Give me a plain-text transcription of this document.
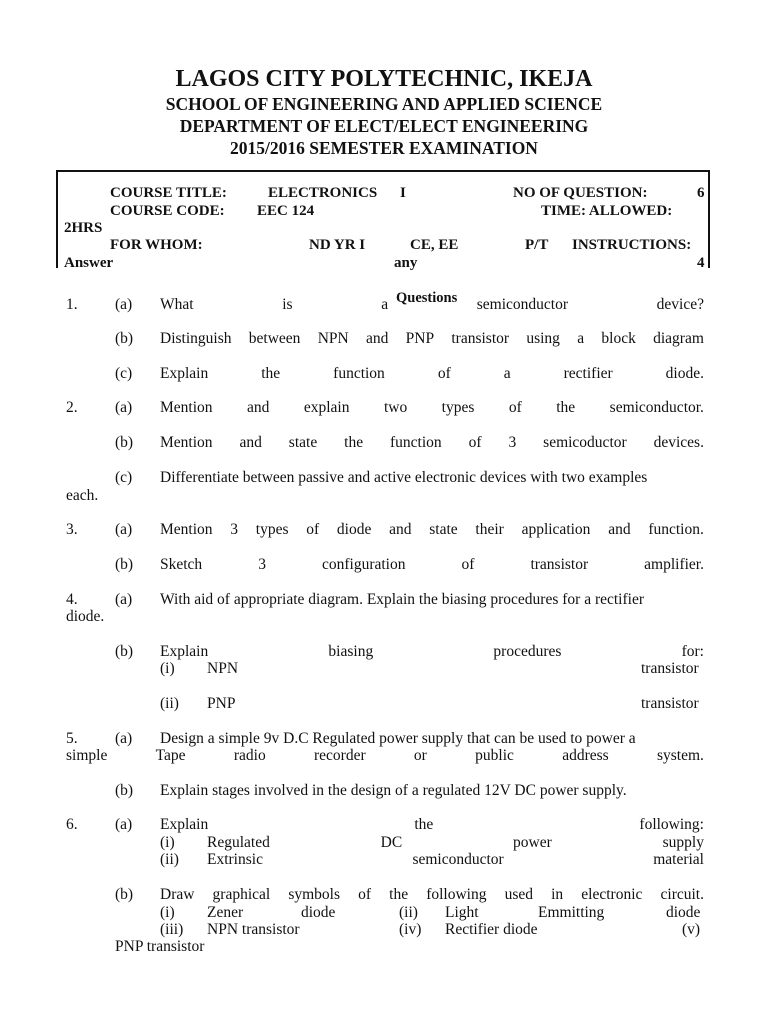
LAGOS CITY POLYTECHNIC, IKEJA
SCHOOL OF ENGINEERING AND APPLIED SCIENCE
DEPARTMENT OF ELECT/ELECT ENGINEERING
2015/2016 SEMESTER EXAMINATION
COURSE TITLE:	ELECTRONICS I	NO OF QUESTION:	6
COURSE CODE: EEC 124	TIME: ALLOWED:
2HRS
FOR WHOM:	ND YR I	CE, EE	P/T INSTRUCTIONS:
Answer	any	4
Questions
1. (a) What	is	a	semiconductor	device?
(b) Distinguish between NPN and PNP transistor using a block diagram
(c) Explain	the	function	of	a	rectifier	diode.
2. (a) Mention and explain two types of the semiconductor.
(b) Mention and state the function of 3 semicoductor devices.
(c) Differentiate between passive and active electronic devices with two examples
each.
3. (a) Mention 3 types of diode and state their application and function.
(b) Sketch	3	configuration	of	transistor	amplifier.
4. (a) With aid of appropriate diagram. Explain the biasing procedures for a rectifier
diode.
(b) Explain	biasing	procedures	for:
(i) NPN	transistor
(ii) PNP	transistor
5. (a) Design a simple 9v D.C Regulated power supply that can be used to power a
simple	Tape	radio	recorder	or	public	address	system.
(b) Explain stages involved in the design of a regulated 12V DC power supply.
6. (a) Explain	the	following:
(i) Regulated	DC	power	supply
(ii) Extrinsic	semiconductor	material
(b) Draw graphical symbols of the following used in electronic circuit.
(i) Zener	diode	(ii) Light	Emmitting	diode
(iii) NPN transistor	(iv) Rectifier diode	(v)
PNP transistor
